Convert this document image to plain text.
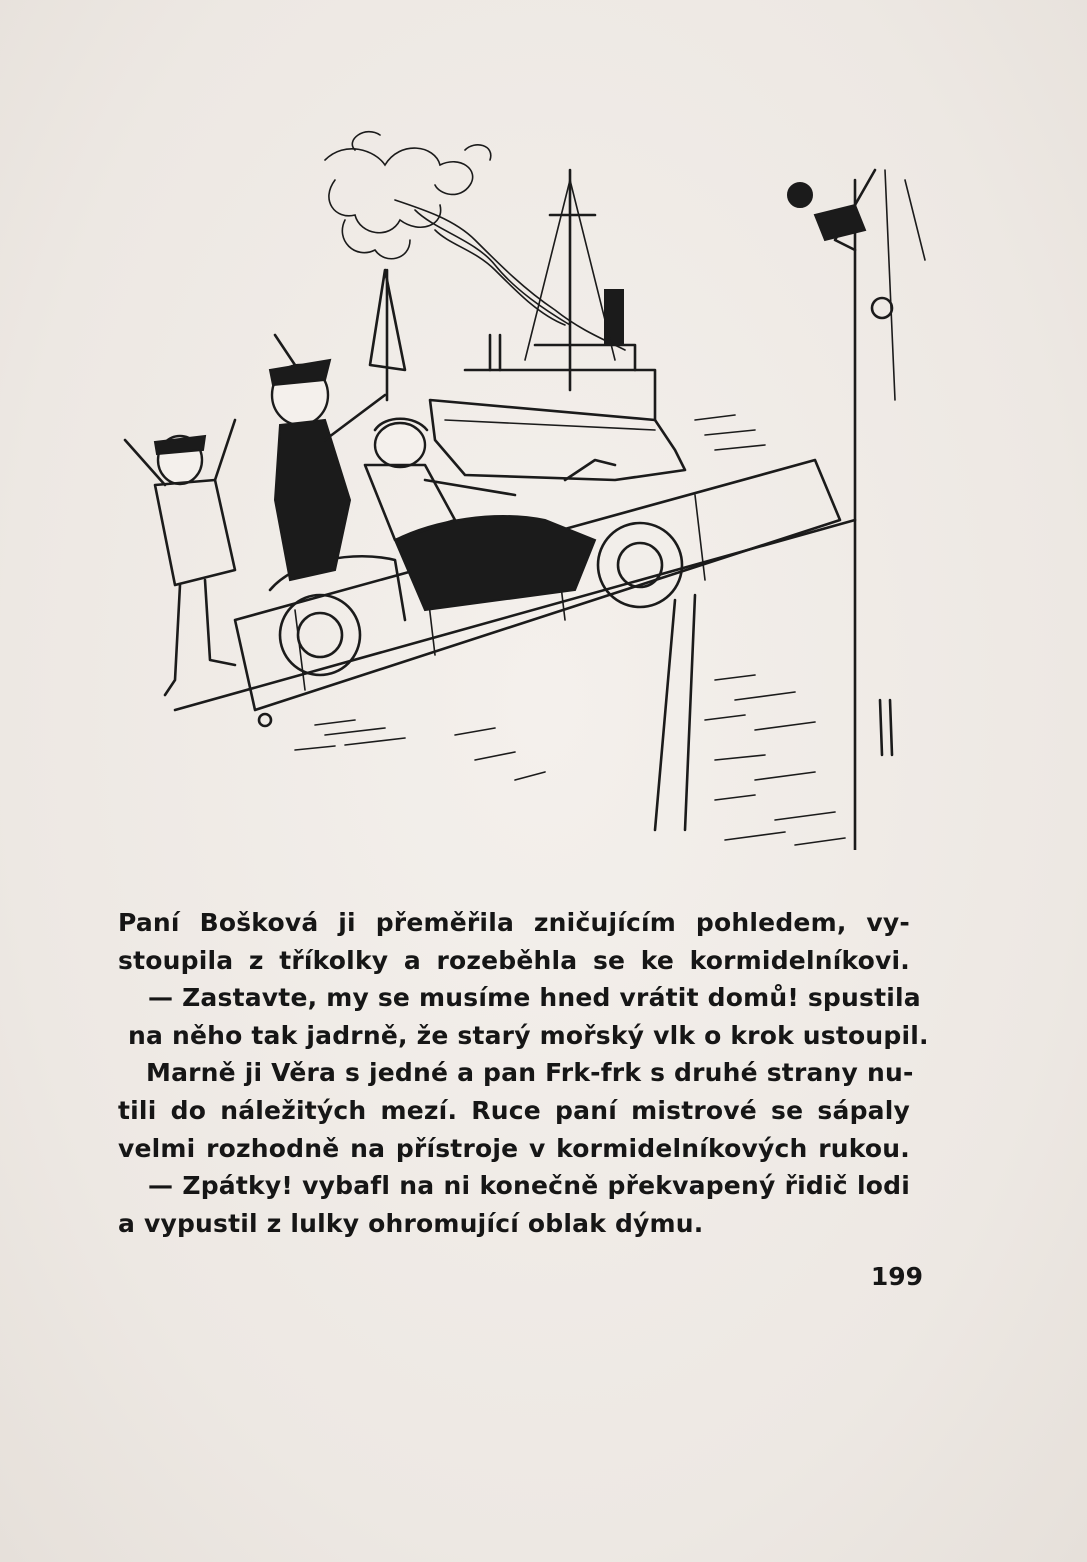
Paní Bošková ji přeměřila zničujícím pohledem, vy-
stoupila z tříkolky a rozeběhla se ke kormidelníkovi.
— Zastavte, my se musíme hned vrátit domů! spustila
na něho tak jadrně, že starý mořský vlk o krok ustoupil.
Marně ji Věra s jedné a pan Frk-frk s druhé strany nu-
tili do náležitých mezí. Ruce paní mistrové se sápaly
velmi rozhodně na přístroje v kormidelníkových rukou.
— Zpátky! vybafl na ni konečně překvapený řidič lodi
a vypustil z lulky ohromující oblak dýmu.
199
